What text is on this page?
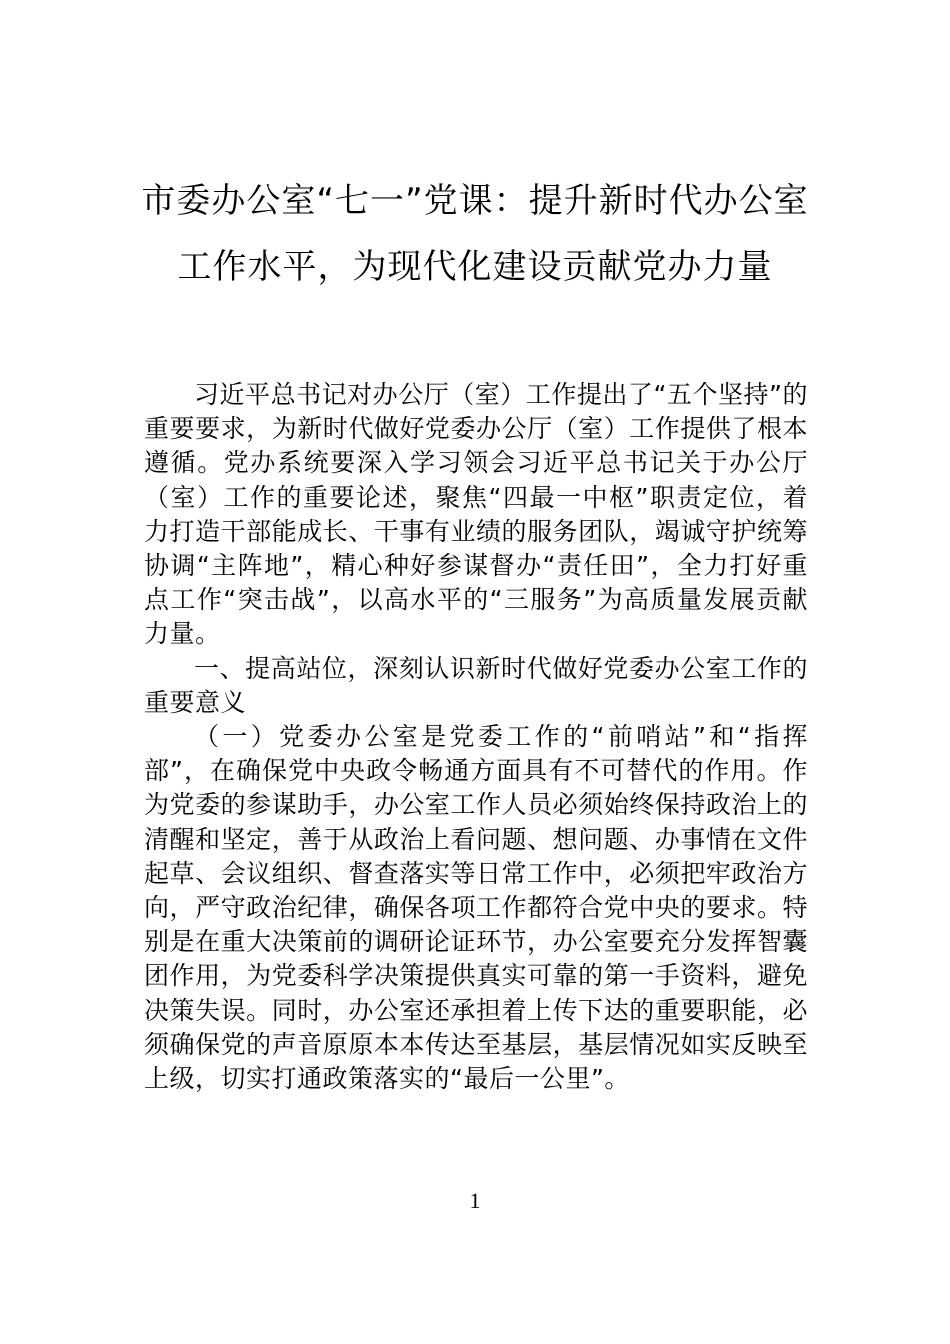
市委办公室“七一”党课：提升新时代办公室工作水平，为现代化建设贡献党办力量

习近平总书记对办公厅（室）工作提出了“五个坚持”的重要要求，为新时代做好党委办公厅（室）工作提供了根本遵循。党办系统要深入学习领会习近平总书记关于办公厅（室）工作的重要论述，聚焦“四最一中枢”职责定位，着力打造干部能成长、干事有业绩的服务团队，竭诚守护统筹协调“主阵地”，精心种好参谋督办“责任田”，全力打好重点工作“突击战”，以高水平的“三服务”为高质量发展贡献力量。

一、提高站位，深刻认识新时代做好党委办公室工作的重要意义

（一）党委办公室是党委工作的“前哨站”和“指挥部”，在确保党中央政令畅通方面具有不可替代的作用。作为党委的参谋助手，办公室工作人员必须始终保持政治上的清醒和坚定，善于从政治上看问题、想问题、办事情在文件起草、会议组织、督查落实等日常工作中，必须把牢政治方向，严守政治纪律，确保各项工作都符合党中央的要求。特别是在重大决策前的调研论证环节，办公室要充分发挥智囊团作用，为党委科学决策提供真实可靠的第一手资料，避免决策失误。同时，办公室还承担着上传下达的重要职能，必须确保党的声音原原本本传达至基层，基层情况如实反映至上级，切实打通政策落实的“最后一公里”。

1
